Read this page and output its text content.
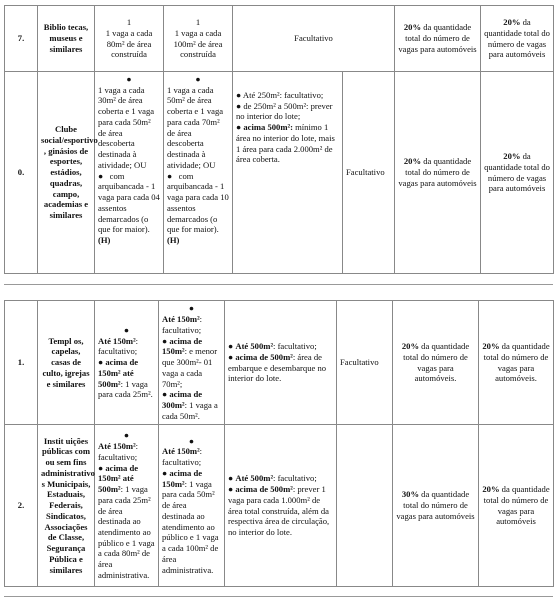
7.	Biblio tecas, museus e similares	1
1 vaga a cada 80m² de área construída	1
1 vaga a cada 100m² de área construída	Facultativo		20% da quantidade total do número de vagas para automóveis	20% da quantidade total do número de vagas para automóveis
0.	Clube social/esportivo , ginásios de esportes, estádios, quadras, campo, academias e similares	●
1 vaga a cada 30m² de área coberta e 1 vaga para cada 50m² de área descoberta destinada à atividade; OU
● com arquibancada - 1 vaga para cada 04 assentos demarcados (o que for maior). (H)	●
1 vaga a cada 50m² de área coberta e 1 vaga para cada 70m² de área descoberta destinada à atividade; OU
● com arquibancada - 1 vaga para cada 10 assentos demarcados (o que for maior). (H)	● Até 250m²: facultativo;
● de 250m² a 500m²: prever no interior do lote;
● acima 500m²: mínimo 1 área no interior do lote, mais 1 área para cada 2.000m² de área coberta.	Facultativo	20% da quantidade total do número de vagas para automóveis	20% da quantidade total do número de vagas para automóveis
1.	Templ os, capelas, casas de culto, igrejas e similares	●
Até 150m²: facultativo;
● acima de 150m² até 500m²: 1 vaga para cada 25m².	●
Até 150m²: facultativo;
● acima de 150m²: e menor que 300m²- 01 vaga a cada 70m²;
● acima de 300m²: 1 vaga a cada 50m².	● Até 500m²: facultativo;
● acima de 500m²: área de embarque e desembarque no interior do lote.	Facultativo	20% da quantidade total do número de vagas para automóveis.	20% da quantidade total do número de vagas para automóveis.
2.	Instit uições públicas com ou sem fins administrativo s Municipais, Estaduais, Federais, Sindicatos, Associações de Classe, Segurança Pública e similares	●
Até 150m²: facultativo;
● acima de 150m² até 500m²: 1 vaga para cada 25m² de área destinada ao atendimento ao público e 1 vaga a cada 80m² de área administrativa.	●
Até 150m²: facultativo;
● acima de 150m²: 1 vaga para cada 50m² de área destinada ao atendimento ao público e 1 vaga a cada 100m² de área administrativa.	● Até 500m²: facultativo;
● acima de 500m²: prever 1 vaga para cada 1.000m² de área total construída, além da respectiva área de circulação, no interior do lote.		30% da quantidade total do número de vagas para automóveis	20% da quantidade total do número de vagas para automóveis
